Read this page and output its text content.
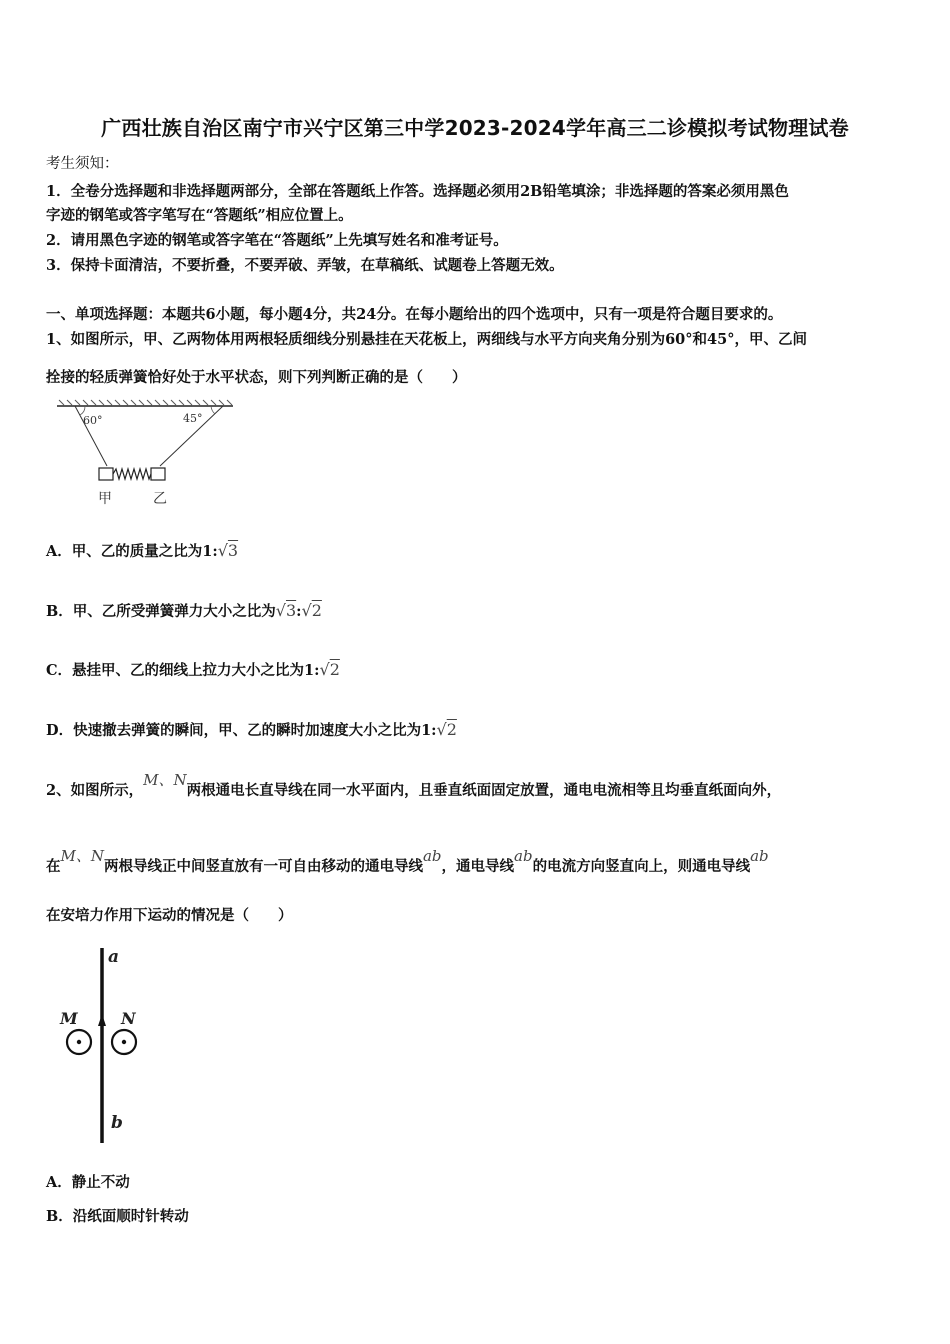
广西壮族自治区南宁市兴宁区第三中学2023-2024学年高三二诊模拟考试物理试卷
考生须知：
1．全卷分选择题和非选择题两部分，全部在答题纸上作答。选择题必须用2B铅笔填涂；非选择题的答案必须用黑色
字迹的钢笔或答字笔写在“答题纸”相应位置上。
2．请用黑色字迹的钢笔或答字笔在“答题纸”上先填写姓名和准考证号。
3．保持卡面清洁，不要折叠，不要弄破、弄皱，在草稿纸、试题卷上答题无效。
一、单项选择题：本题共6小题，每小题4分，共24分。在每小题给出的四个选项中，只有一项是符合题目要求的。
1、如图所示，甲、乙两物体用两根轻质细线分别悬挂在天花板上，两细线与水平方向夹角分别为60°和45°，甲、乙间
拴接的轻质弹簧恰好处于水平状态，则下列判断正确的是（　　）
60°	45°
甲	乙
A．甲、乙的质量之比为1:√3
B．甲、乙所受弹簧弹力大小之比为√3:√2
C．悬挂甲、乙的细线上拉力大小之比为1:√2
D．快速撤去弹簧的瞬间，甲、乙的瞬时加速度大小之比为1:√2
2、如图所示，M、N两根通电长直导线在同一水平面内，且垂直纸面固定放置，通电电流相等且均垂直纸面向外，
在M、N两根导线正中间竖直放有一可自由移动的通电导线ab，通电导线ab的电流方向竖直向上，则通电导线ab
在安培力作用下运动的情况是（　　）
a
b
M	N
A．静止不动
B．沿纸面顺时针转动
